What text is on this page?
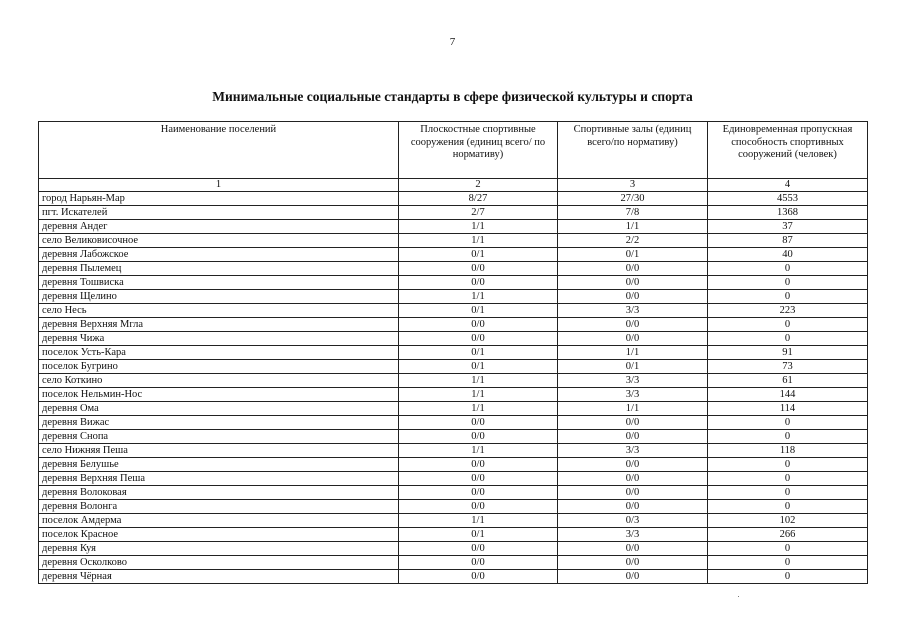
7
Минимальные социальные стандарты в сфере физической культуры и спорта
Наименование поселений	Плоскостные спортивные сооружения (единиц всего/ по нормативу)	Спортивные залы (единиц всего/по нормативу)	Единовременная пропускная способность спортивных сооружений (человек)
1	2	3	4
город Нарьян-Мар	8/27	27/30	4553
пгт. Искателей	2/7	7/8	1368
деревня Андег	1/1	1/1	37
село Великовисочное	1/1	2/2	87
деревня Лабожское	0/1	0/1	40
деревня Пылемец	0/0	0/0	0
деревня Тошвиска	0/0	0/0	0
деревня Щелино	1/1	0/0	0
село Несь	0/1	3/3	223
деревня Верхняя Мгла	0/0	0/0	0
деревня Чижа	0/0	0/0	0
поселок Усть-Кара	0/1	1/1	91
поселок Бугрино	0/1	0/1	73
село Коткино	1/1	3/3	61
поселок Нельмин-Нос	1/1	3/3	144
деревня Ома	1/1	1/1	114
деревня Вижас	0/0	0/0	0
деревня Снопа	0/0	0/0	0
село Нижняя Пеша	1/1	3/3	118
деревня Белушье	0/0	0/0	0
деревня Верхняя Пеша	0/0	0/0	0
деревня Волоковая	0/0	0/0	0
деревня Волонга	0/0	0/0	0
поселок Амдерма	1/1	0/3	102
поселок Красное	0/1	3/3	266
деревня Куя	0/0	0/0	0
деревня Осколково	0/0	0/0	0
деревня Чёрная	0/0	0/0	0
